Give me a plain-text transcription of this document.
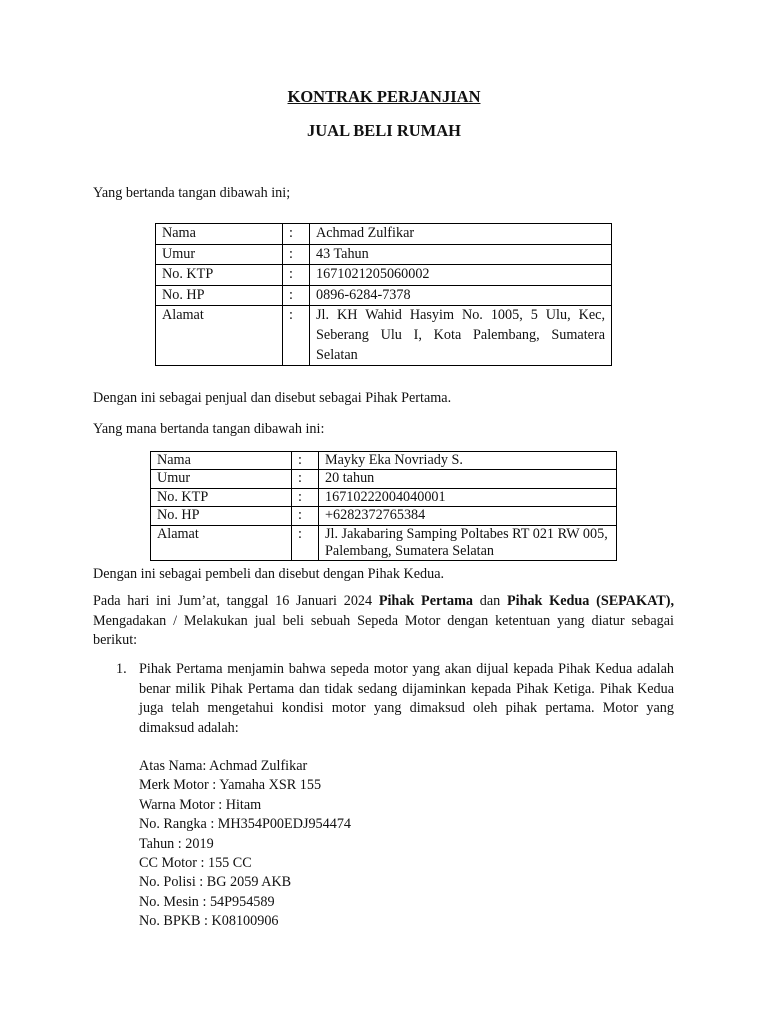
KONTRAK PERJANJIAN
JUAL BELI RUMAH
Yang bertanda tangan dibawah ini;
Nama	:	Achmad Zulfikar
Umur	:	43 Tahun
No. KTP	:	1671021205060002
No. HP	:	0896-6284-7378
Alamat	:	Jl. KH Wahid Hasyim No. 1005, 5 Ulu, Kec, Seberang Ulu I, Kota Palembang, Sumatera Selatan
Dengan ini sebagai penjual dan disebut sebagai Pihak Pertama.
Yang mana bertanda tangan dibawah ini:
Nama	:	Mayky Eka Novriady S.
Umur	:	20 tahun
No. KTP	:	16710222004040001
No. HP	:	+6282372765384
Alamat	:	Jl. Jakabaring Samping Poltabes RT 021 RW 005, Palembang, Sumatera Selatan
Dengan ini sebagai pembeli dan disebut dengan Pihak Kedua.
Pada hari ini Jum’at, tanggal 16 Januari 2024 Pihak Pertama dan Pihak Kedua (SEPAKAT), Mengadakan / Melakukan jual beli sebuah Sepeda Motor dengan ketentuan yang diatur sebagai berikut:
1. Pihak Pertama menjamin bahwa sepeda motor yang akan dijual kepada Pihak Kedua adalah benar milik Pihak Pertama dan tidak sedang dijaminkan kepada Pihak Ketiga. Pihak Kedua juga telah mengetahui kondisi motor yang dimaksud oleh pihak pertama. Motor yang dimaksud adalah:
Atas Nama: Achmad Zulfikar
Merk Motor : Yamaha XSR 155
Warna Motor : Hitam
No. Rangka : MH354P00EDJ954474
Tahun : 2019
CC Motor : 155 CC
No. Polisi : BG 2059 AKB
No. Mesin : 54P954589
No. BPKB : K08100906
